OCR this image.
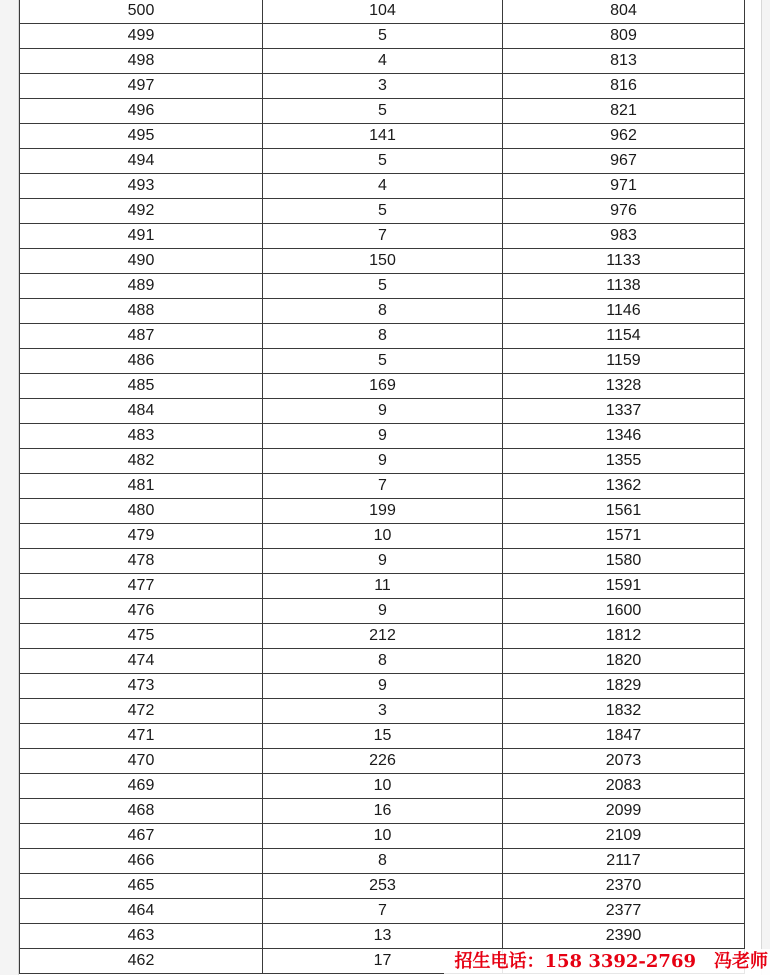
500	104	804
499	5	809
498	4	813
497	3	816
496	5	821
495	141	962
494	5	967
493	4	971
492	5	976
491	7	983
490	150	1133
489	5	1138
488	8	1146
487	8	1154
486	5	1159
485	169	1328
484	9	1337
483	9	1346
482	9	1355
481	7	1362
480	199	1561
479	10	1571
478	9	1580
477	11	1591
476	9	1600
475	212	1812
474	8	1820
473	9	1829
472	3	1832
471	15	1847
470	226	2073
469	10	2083
468	16	2099
467	10	2109
466	8	2117
465	253	2370
464	7	2377
463	13	2390
462	17		招生电话：158 3392-2769 冯老师
